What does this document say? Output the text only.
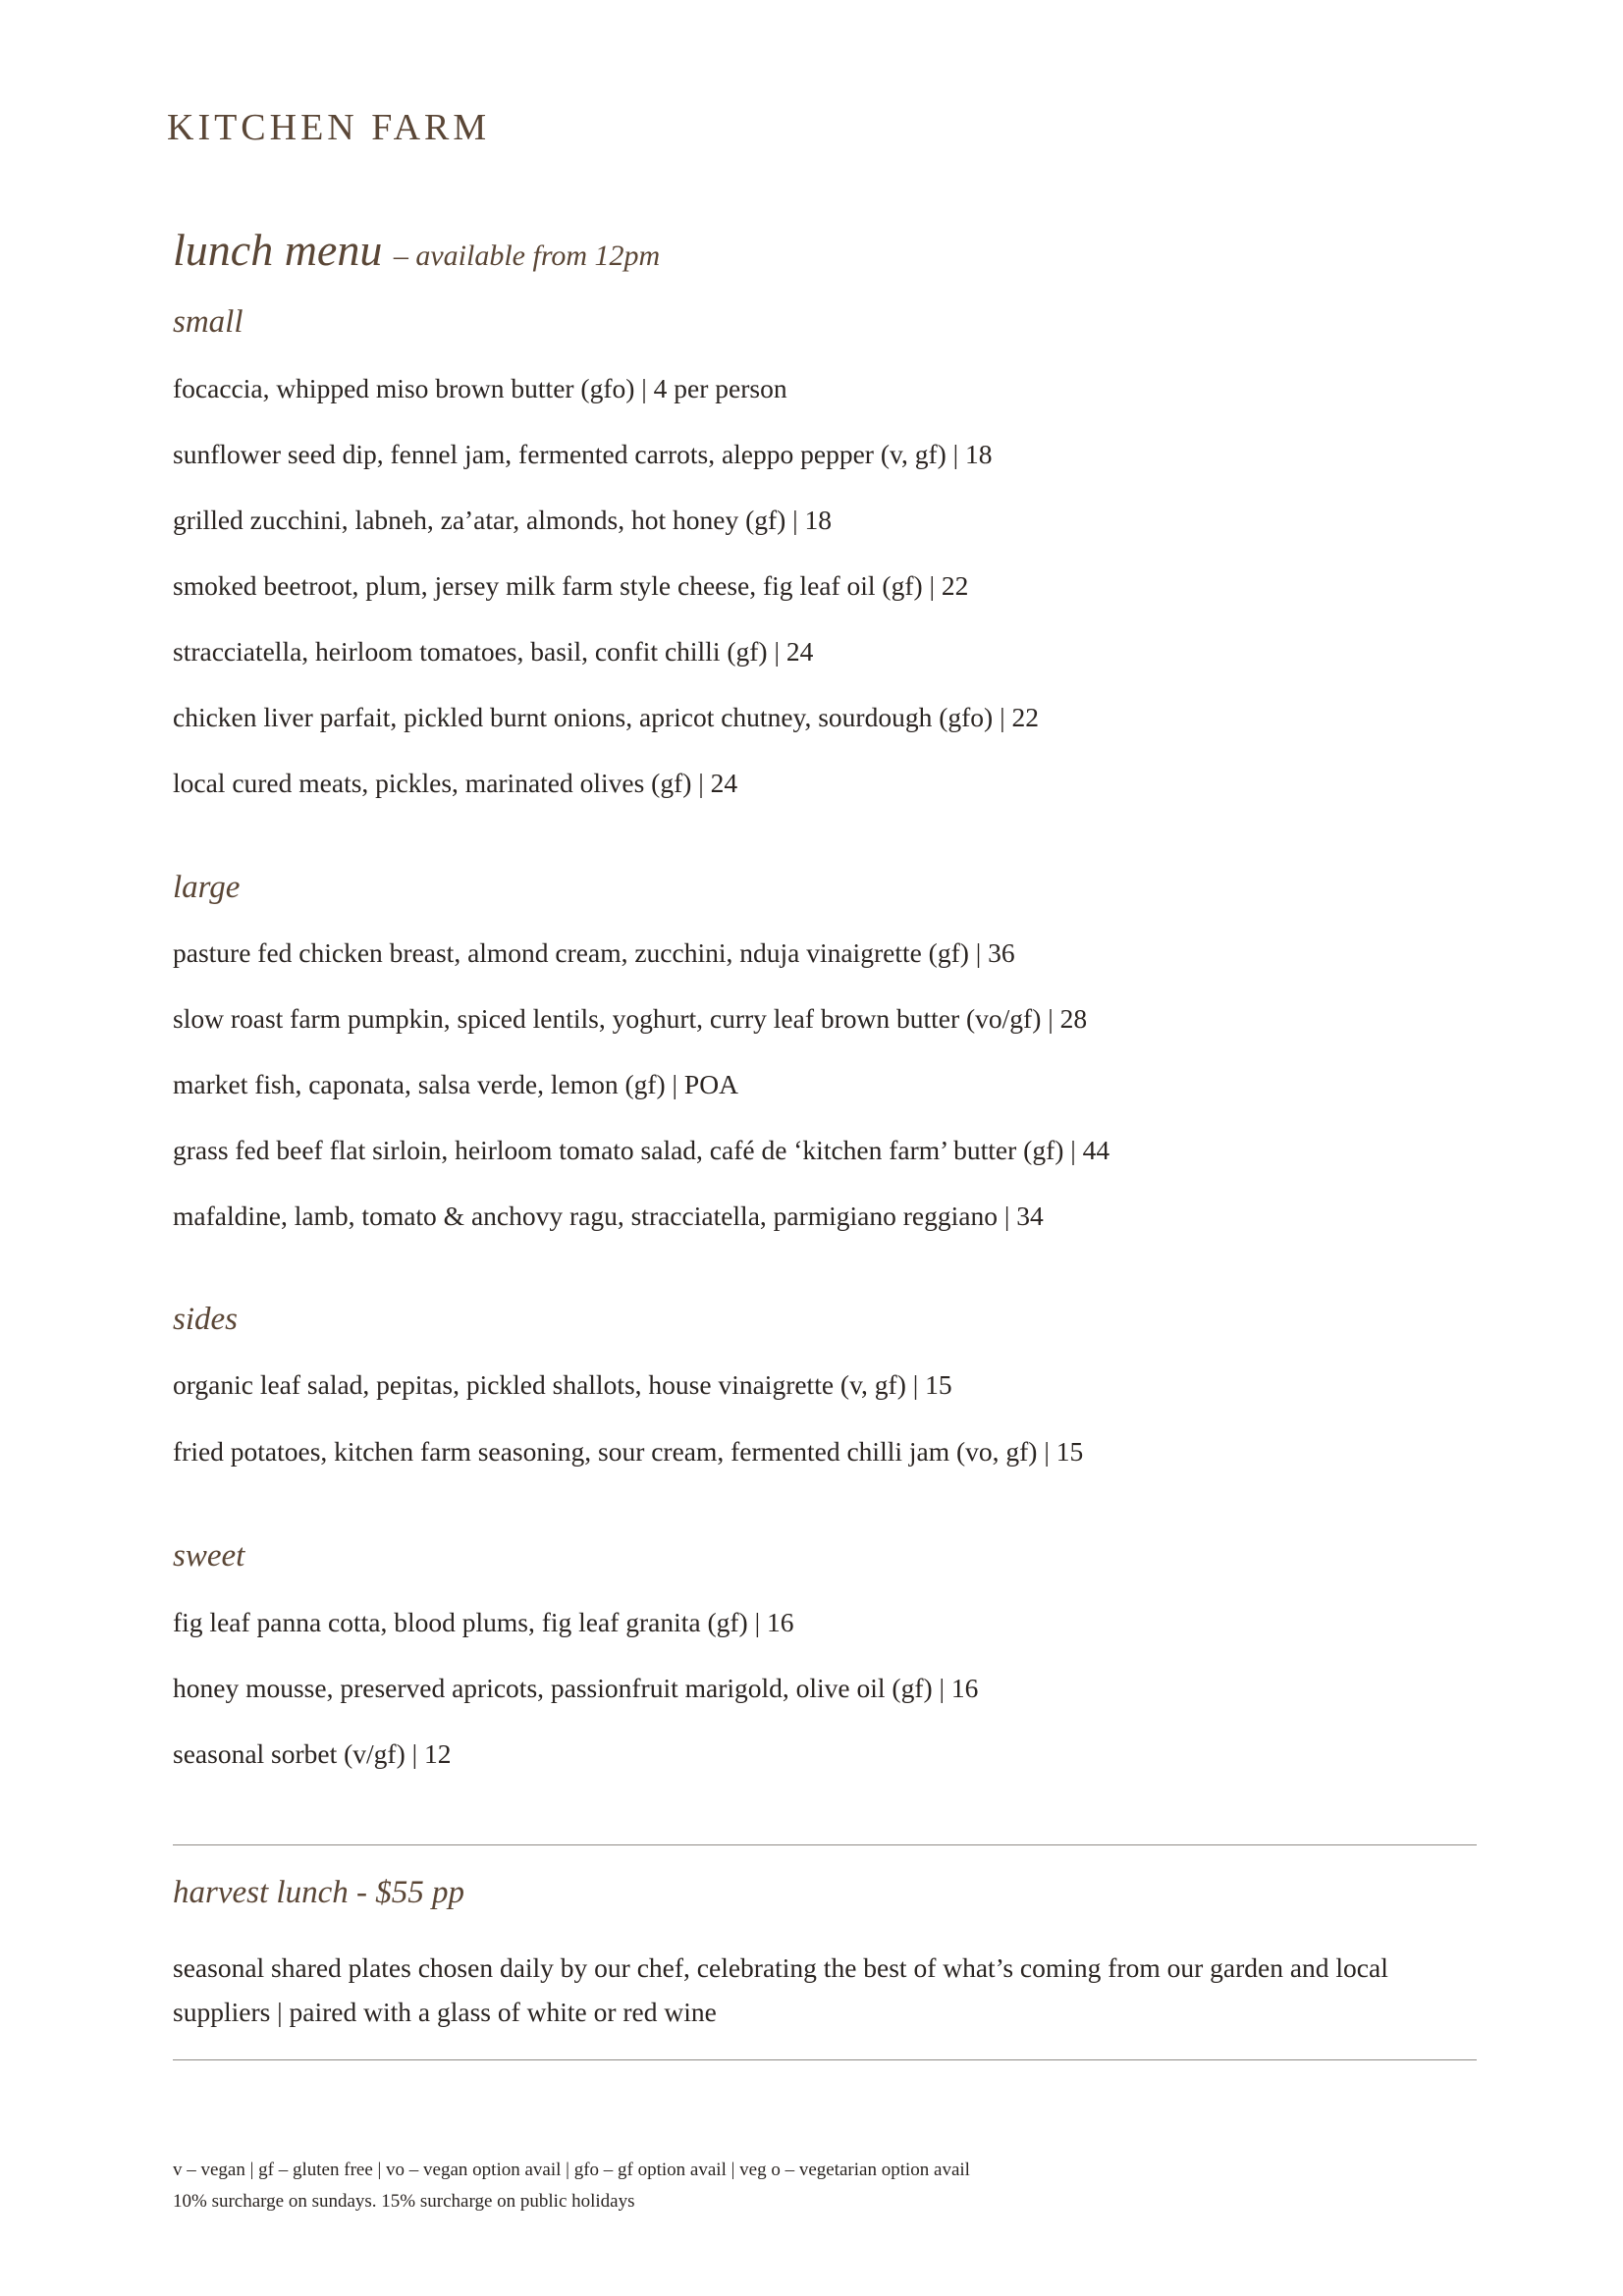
KITCHEN FARM
lunch menu – available from 12pm
small

focaccia, whipped miso brown butter (gfo) | 4 per person

sunflower seed dip, fennel jam, fermented carrots, aleppo pepper (v, gf) | 18

grilled zucchini, labneh, za’atar, almonds, hot honey (gf) | 18

smoked beetroot, plum, jersey milk farm style cheese, fig leaf oil (gf) | 22

stracciatella, heirloom tomatoes, basil, confit chilli (gf) | 24

chicken liver parfait, pickled burnt onions, apricot chutney, sourdough (gfo) | 22

local cured meats, pickles, marinated olives (gf) | 24

large

pasture fed chicken breast, almond cream, zucchini, nduja vinaigrette (gf) | 36

slow roast farm pumpkin, spiced lentils, yoghurt, curry leaf brown butter (vo/gf) | 28

market fish, caponata, salsa verde, lemon (gf) | POA

grass fed beef flat sirloin, heirloom tomato salad, café de ‘kitchen farm’ butter (gf) | 44

mafaldine, lamb, tomato & anchovy ragu, stracciatella, parmigiano reggiano | 34

sides

organic leaf salad, pepitas, pickled shallots, house vinaigrette (v, gf) | 15

fried potatoes, kitchen farm seasoning, sour cream, fermented chilli jam (vo, gf) | 15

sweet

fig leaf panna cotta, blood plums, fig leaf granita (gf) | 16

honey mousse, preserved apricots, passionfruit marigold, olive oil (gf) | 16

seasonal sorbet (v/gf) | 12

harvest lunch - $55 pp

seasonal shared plates chosen daily by our chef, celebrating the best of what’s coming from our garden and local suppliers | paired with a glass of white or red wine

v – vegan | gf – gluten free | vo – vegan option avail | gfo – gf option avail | veg o – vegetarian option avail

10% surcharge on sundays. 15% surcharge on public holidays
